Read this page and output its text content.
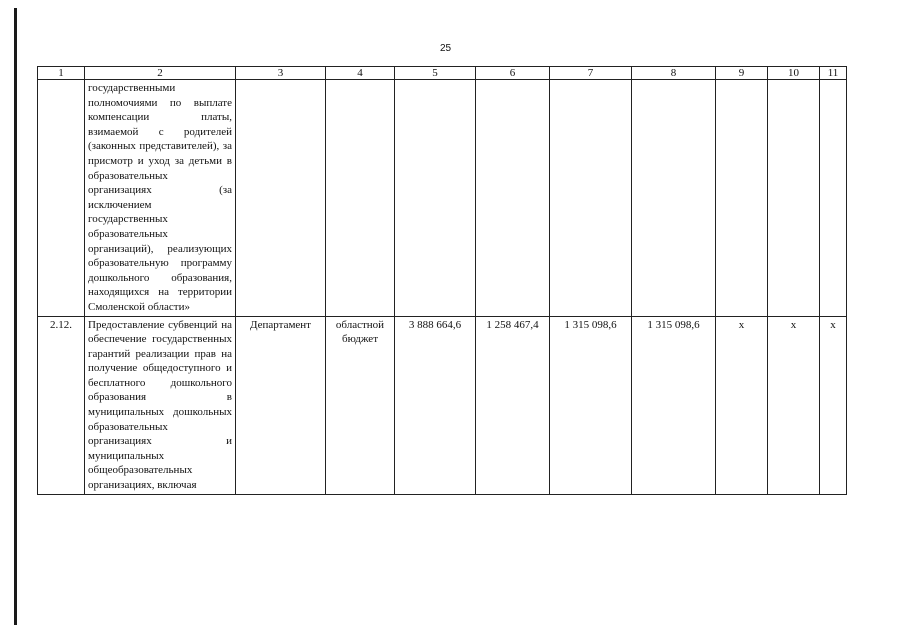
25
1	2	3	4	5	6	7	8	9	10	11
	государственными полномочиями по выплате компенсации платы, взимаемой с родителей (законных представителей), за присмотр и уход за детьми в образовательных организациях (за исключением государственных образовательных организаций), реализующих образовательную программу дошкольного образования, находящихся на территории Смоленской области»									
2.12.	Предоставление субвенций на обеспечение государственных гарантий реализации прав на получение общедоступного и бесплатного дошкольного образования в муниципальных дошкольных образовательных организациях и муниципальных общеобразовательных организациях, включая	Департамент	областной бюджет	3 888 664,6	1 258 467,4	1 315 098,6	1 315 098,6	х	х	х
